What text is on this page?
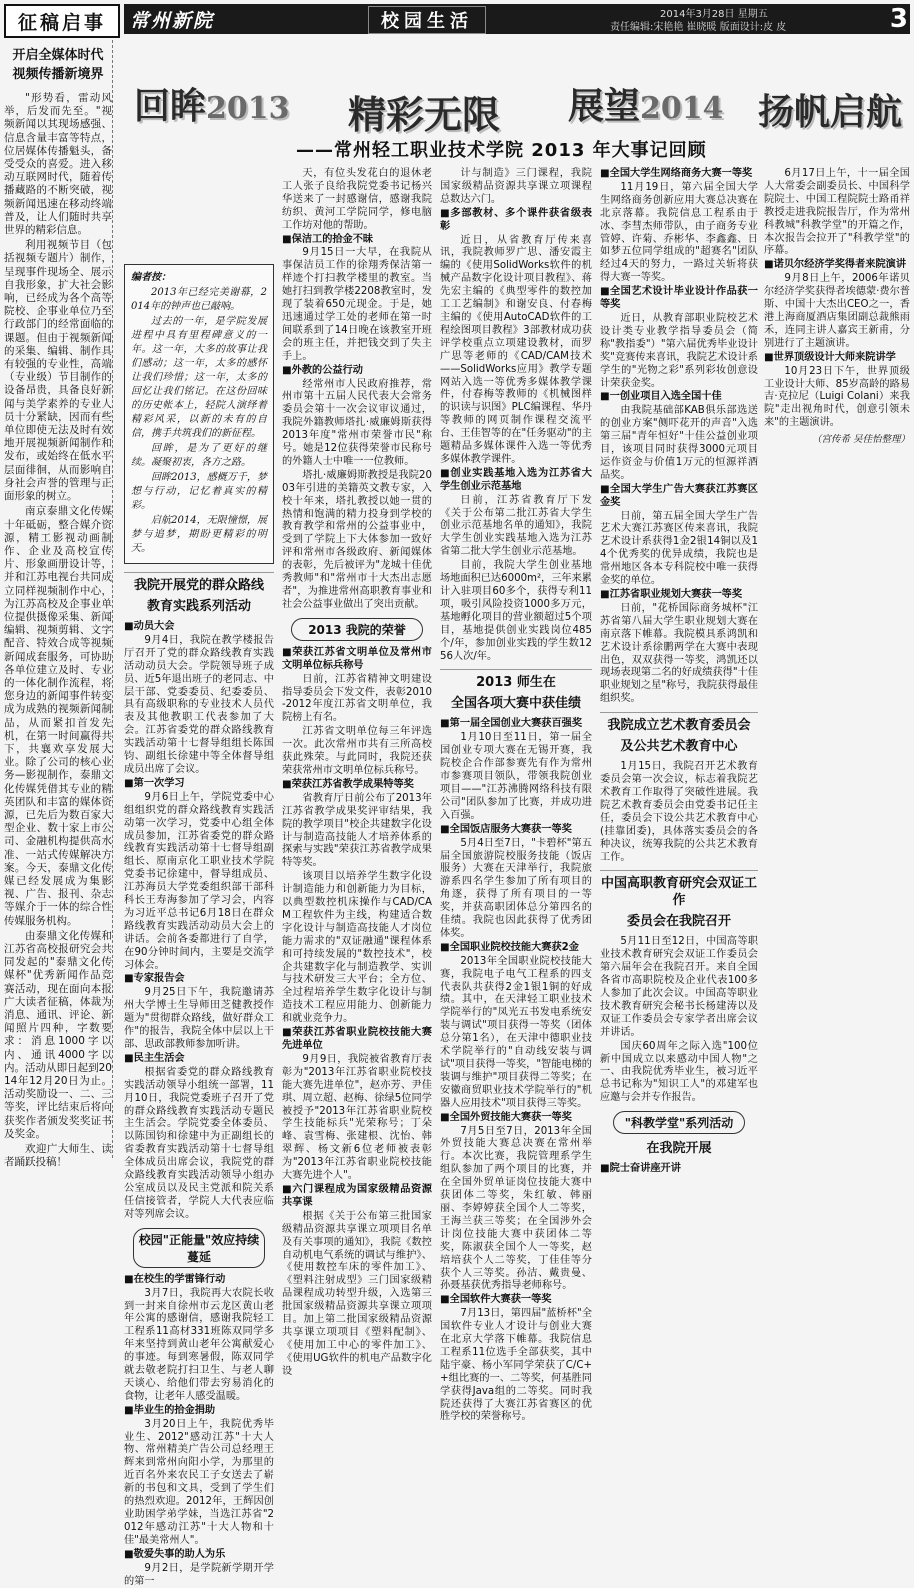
征稿启事	常州新院	校园生活	2014年3月28日 星期五
责任编辑:宋艳艳 崔晓暖 版面设计:皮 皮	3
开启全媒体时代
视频传播新境界

"形势看，雷动风举，后发而先至。"视频新闻以其现场感强、信息含量丰富等特点，位居媒体传播魁头，备受受众的喜爱。进入移动互联网时代，随着传播藏路的不断突破，视频新闻迅速在移动终端普及，让人们随时共享世界的精彩信息。

利用视频节目（包括视频专题片）制作，呈现事件现场全、展示自我形象，扩大社会影响，已经成为各个高等院校、企事业单位乃至行政部门的经常面临的课题。但由于视频新闻的采集、编辑、制作具有较强的专业性，高端（专业级）节目制作的设备昂贵，具备良好新闻与美学素养的专业人员十分紧缺，因而有些单位即使无法及时有效地开展视频新闻制作和发布，或始终在低水平层面徘徊，从而影响自身社会声誉的管理与正面形象的树立。

南京泰鼎文化传媒十年砥砺，整合媒介资源，精工影视动画制作、企业及高校宣传片、形象画册设计等，并和江苏电视台共同成立同样视频制作中心，为江苏高校及企事业单位提供摄像采集、新闻编辑、视频剪辑、文字配音、特效合成等视频新闻成套服务，可协助各单位建立及时、专业的一体化制作流程，将您身边的新闻事件转变成为成熟的视频新闻制品，从而紧扣首发先机，在第一时间赢得共下，共襄欢享发展大业。除了公司的核心业务—影视制作，泰鼎文化传媒凭借其专业的精英团队和丰富的媒体资源，已先后为数百家大型企业、数十家上市公司、金融机构提供高水准、一站式传媒解决方案。今天，泰鼎文化传媒已经发展成为集影视、广告、报刊、杂志等媒介于一体的综合性传媒服务机构。

由泰鼎文化传媒和江苏省高校报研究会共同发起的"泰鼎文化传媒杯"优秀新闻作品竞赛活动，现在面向本报广大读者征稿，体裁为消息、通讯、评论、新闻照片四种，字数要求：消息1000字以内、通讯4000字以内。活动从即日起到2014年12月20日为止。活动奖励设一、二、三等奖，评比结束后将向获奖作者颁发奖奖证书及奖金。

欢迎广大师生、读者踊跃投稿！

回眸2013 精彩无限 展望2014 扬帆启航
——常州轻工职业技术学院 2013 年大事记回顾

编者按：

2013年已经完美谢幕，2014年的钟声也已敲响。

过去的一年，是学院发展进程中具有里程碑意义的一年。这一年，大多的故事让我们感动；这一年，太多的感怀让我们珍惜；这一年，太多的回忆让我们铭记。在这份回味的历史帐本上，轻院人演绎着精彩风采，以新的未有的自信，携手共筑我们的新征程。

回眸，是为了更好的继续。凝聚初衷，各方之路。

回眸2013，感概万千，梦想与行动，记忆着真实的精彩。

启航2014，无限憧憬，展梦与追梦，期盼更精彩的明天。

我院开展党的群众路线
教育实践系列活动

■动员大会

9月4日，我院在教学楼报告厅召开了党的群众路线教育实践活动动员大会。学院领导班子成员、近5年退出班子的老同志、中层干部、党委委员、纪委委员、具有高级职称的专业技术人员代表及其他教职工代表参加了大会。江苏省委党的群众路线教育实践活动第十七督导组组长陈国钧、副组长徐建中等全体督导组成员出席了会议。

■第一次学习

9月6日上午，学院党委中心组组织党的群众路线教育实践活动第一次学习，党委中心组全体成员参加，江苏省委党的群众路线教育实践活动第十七督导组副组长、原南京化工职业技术学院党委书记徐建中，督导组成员、江苏海员大学党委组织部干部科科长王寿海参加了学习会，内容为习近平总书记6月18日在群众路线教育实践活动动员大会上的讲话。会前各委都进行了自学，在90分钟时间内，主要是交流学习体会。

■专家报告会

9月25日下午，我院邀请苏州大学博士生导师田芝健教授作题为"贯彻群众路线，做好群众工作"的报告，我院全体中层以上干部、思政部教师参加听讲。

■民主生活会

根据省委党的群众路线教育实践活动领导小组统一部署，11月10日，我院党委班子召开了党的群众路线教育实践活动专题民主生活会。学院党委全体委员、以陈国钧和徐建中为正副组长的省委教育实践活动第十七督导组全体成员出席会议，我院党的群众路线教育实践活动领导小组办公室成员以及民主党派和院关系任信接管者，学院人大代表应临对等列席会议。

校园"正能量"效应持续蔓延

■在校生的学雷锋行动

3月7日，我院再大农院长收到一封来自徐州市云龙区黄山老年公寓的感谢信，感谢我院轻工工程系11高材331班陈双同学多年来坚持到黄山老年公寓献爱心的事迹。每到寒暑假，陈双同学就去敬老院打扫卫生、与老人聊天谈心、给他们带去穷易消化的食物，让老年人感受温暖。

■毕业生的拾金捐助

3月20日上午，我院优秀毕业生、2012"感动江苏"十大人物、常州精美广告公司总经理王辉来到常州向阳小学，为那里的近百名外来农民工子女送去了崭新的书包和文具，受到了学生们的热烈欢迎。2012年，王辉因创业助困学弟学妹，当选江苏省"2012年感动江苏"十大人物和十佳"最美常州人"。

■敬爱失事的助人为乐

9月2日，是学院新学期开学的第一

天，有位头发花白的退休老工人张子良给我院党委书记杨兴华送来了一封感谢信，感谢我院纺织、黄河工学院同学，修电脑工作坊对他的帮助。

■保洁工的拾金不昧

9月15日一大早，在我院从事保洁员工作的徐翔秀保洁第一样迹个打扫教学楼里的教室。当她打扫到教学楼2208教室时，发现了装着650元现金。于是，她迅速通过学工处的老师在第一时间联系到了14日晚在该教室开班会的班主任，并把钱交到了失主手上。

■外教的公益行动

经常州市人民政府推荐，常州市第十五届人民代表大会常务委员会第十一次会议审议通过，我院外籍教师塔扎·威廉姆斯获得2013年度"常州市荣誉市民"称号。她是12位获得荣誉市民称号的外籍人士中唯一一位教师。

塔扎·威廉姆斯教授是我院2003年引进的美籍英文教专家，入校十年来，塔扎教授以她一贯的热情和饱满的精力投身到学校的教育教学和常州的公益事业中，受到了学院上下大体参加一致好评和常州市各级政府、新闻媒体的表彰，先后被评为"龙城十佳优秀教师"和"常州市十大杰出志愿者"，为推进常州高职教育事业和社会公益事业做出了突出贡献。

2013 我院的荣誉

■荣获江苏省文明单位及常州市文明单位标兵称号

日前，江苏省精神文明建设指导委员会下发文件，表彰2010-2012年度江苏省文明单位，我院榜上有名。

江苏省文明单位每三年评选一次。此次常州市共有三所高校获此殊荣。与此同时，我院还获荣获常州市文明单位标兵称号。

■荣获江苏省教学成果特等奖

省教育厅日前公布了2013年江苏省教学成果奖评审结果，我院的教学项目"校企共建数字化设计与制造高技能人才培养体系的探索与实践"荣获江苏省教学成果特等奖。

该项目以培养学生数字化设计制造能力和创新能力为目标，以典型数控机床操作与CAD/CAM工程软件为主线，构建适合数字化设计与制造高技能人才岗位能力需求的"双证融通"课程体系和可持续发展的"数控技术"，校企共建数字化与制造教学、实训与技术研发三大平台；全方位、全过程培养学生数字化设计与制造技术工程应用能力、创新能力和就业竞争力。

■荣获江苏省职业院校技能大赛先进单位

9月9日，我院被省教育厅表彰为"2013年江苏省职业院校技能大赛先进单位"，赵亦芳、尹佳琪、周立超、赵梅、徐绿5位同学被授予"2013年江苏省职业院校学生技能标兵"光荣称号；丁朵峰、袁雪梅、张建根、沈怡、韩翠辉、杨文新6位老师被表彰为"2013年江苏省职业院校技能大赛先进个人"。

■六门课程成为国家级精品资源共享课

根据《关于公布第三批国家级精品资源共享课立项项目名单及有关事项的通知》，我院《数控自动机电气系统的调试与维护》、《使用数控车床的零件加工》、《塑料注射成型》三门国家级精品课程成功转型升级，入选第三批国家级精品资源共享课立项项目。加上第二批国家级精品资源共享课立项项目《塑料配制》、《使用加工中心的零件加工》、《使用UG软件的机电产品数字化设

计与制造》三门课程，我院国家级精品资源共享课立项课程总数达六门。

■多部教材、多个课件获省级表彰

近日，从省教育厅传来喜讯，我院教师罗广思、潘安霞主编的《使用SolidWorks软件的机械产品数字化设计项目教程》、蒋先宏主编的《典型零件的数控加工工艺编制》和谢安良、付春梅主编的《使用AutoCAD软件的工程绘图项目教程》3部教材成功获评学校重点立项建设教材，而罗广思等老师的《CAD/CAM技术——SolidWorks应用》教学专题网站入选一等优秀多媒体教学课件，付春梅等教师的《机械图样的识读与识图》PLC编课程、华丹等教师的网页制作课程交流平台、王佳智等的在"任务驱动"的主题精品多媒体课件入选一等优秀多媒体教学课件。

■创业实践基地入选为江苏省大学生创业示范基地

日前，江苏省教育厅下发《关于公布第二批江苏省大学生创业示范基地名单的通知》，我院大学生创业实践基地入选为江苏省第二批大学生创业示范基地。

目前，我院大学生创业基地场地面积已达6000m²，三年来累计入驻项目60多个，获得专利11项，吸引风险投资1000多万元，基地孵化项目的营业额超过5个项目，基地提供创业实践岗位485个/年，参加创业实践的学生数1256人次/年。

2013 师生在
全国各项大赛中获佳绩

■第一届全国创业大赛获百强奖

1月10日至11日，第一届全国创业专项大赛在无锡开赛，我院校企合作部参赛先有作为常州市参赛项目领队，带领我院创业项目——"江苏沸腾网络科技有限公司"团队参加了比赛，并成功进入百强。

■全国饭店服务大赛获一等奖

5月4日至7日，"卡碧杯"第五届全国旅游院校服务技能（饭店服务）大赛在天津举行，我院旅游系四名学生参加了所有项目的角逐，获得了所有项目的一等奖，并获高职团体总分第四名的佳绩。我院也因此获得了优秀团体奖。

■全国职业院校技能大赛获2金

2013年全国职业院校技能大赛，我院电子电气工程系的四支代表队共获得2金1银1铜的好成绩。其中，在天津轻工职业技术学院举行的"凤光五书发电系统安装与调试"项目获得一等奖（团体总分第1名），在天津中德职业技术学院举行的"自动线安装与调试"项目获得一等奖，"智能电梯的装调与维护"项目获得二等奖；在安徽商贸职业技术学院举行的"机器人应用技术"项目获得三等奖。

■全国外贸技能大赛获一等奖

7月5日至7日，2013年全国外贸技能大赛总决赛在常州举行。本次比赛，我院管理系学生组队参加了两个项目的比赛，并在全国外贸单证岗位技能大赛中获团体二等奖，朱红敏、韩丽丽、李婷婷获全国个人二等奖，王海兰获三等奖；在全国涉外会计岗位技能大赛中获团体二等奖，陈淑获全国个人一等奖，赵培培获个人二等奖，丁佳佳等分获个人三等奖。孙洁、戴贵曼、孙聂基获优秀指导老师称号。

■全国软件大赛获一等奖

7月13日，第四届"蓝桥杯"全国软件专业人才设计与创业大赛在北京大学落下帷幕。我院信息工程系11位选手全部获奖，其中陆宇豪、杨小军同学荣获了C/C++组比赛的一、二等奖，何基胜同学获得Java组的二等奖。同时我院还获得了大赛江苏省赛区的优胜学校的荣誉称号。

■全国大学生网络商务大赛一等奖

11月19日，第六届全国大学生网络商务创新应用大赛总决赛在北京落幕。我院信息工程系由于冰、李彗杰师带队，由子商务专业管婷、许菊、乔彬华、李鑫鑫、日如梦五位同学组成的"超赛名"团队经过4天的努力，一路过关斩将获得大赛一等奖。

■全国艺术设计毕业设计作品获一等奖

近日，从教育部职业院校艺术设计类专业教学指导委员会（简称"教指委"）"第六届优秀毕业设计奖"竞赛传来喜讯，我院艺术设计系学生的"光物之彩"系列彩妆创意设计荣获金奖。

■一创业项目入选全国十佳

由我院基础部KAB俱乐部选送的创业方案"侧吓花开的声音"入选第三届"青年恒好"十佳公益创业项目，该项目同时获得3000元项目运作资金与价值1万元的恒源祥酒品奖。

■全国大学生广告大赛获江苏赛区金奖

日前，第五届全国大学生广告艺术大赛江苏赛区传来喜讯，我院艺术设计系获得1金2银14铜以及14个优秀奖的优异成绩，我院也是常州地区各本专科院校中唯一获得金奖的单位。

■江苏省职业规划大赛获一等奖

日前，"花桥国际商务城杯"江苏省第八届大学生职业规划大赛在南京落下帷幕。我院模具系鸿凯和艺术设计系徐鹏两学在大赛中表现出色，双双获得一等奖，鸿凯还以现场表现第二名的好成绩获得"十佳职业规划之星"称号，我院获得最佳组织奖。

我院成立艺术教育委员会
及公共艺术教育中心

1月15日，我院召开艺术教育委员会第一次会议，标志着我院艺术教育工作取得了突破性进展。我院艺术教育委员会由党委书记任主任，委员会下设公共艺术教育中心(挂靠团委)，具体落实委员会的各种决议，统筹我院的公共艺术教育工作。

中国高职教育研究会双证工作
委员会在我院召开

5月11日至12日，中国高等职业技术教育研究会双证工作委员会第六届年会在我院召开。来自全国各省市高职院校及企业代表100多人参加了此次会议。中国高等职业技术教育研究会秘书长杨建涛以及双证工作委员会专家学者出席会议并讲话。

国庆60周年之际入选"100位新中国成立以来感动中国人物"之一、由我院优秀毕业生，被习近平总书记称为"知识工人"的邓建军也应邀与会并专作报告。

"科教学堂"系列活动
在我院开展

■院士奋讲座开讲

6月17日上午，十一届全国人大常委会副委员长、中国科学院院士、中国工程院院士路甬祥教授走进我院报告厅，作为常州科教城"科教学堂"的开篇之作，本次报告会拉开了"科教学堂"的序幕。

■诺贝尔经济学奖得者来院演讲

9月8日上午，2006年诺贝尔经济学奖获得者埃德蒙·费尔普斯、中国十大杰出CEO之一，香港上海商厦酒店集团副总裁熊雨禾，连同主讲人嘉宾王新甫，分别进行了主题演讲。

■世界顶级设计大师来院讲学

10月23日下午，世界顶级工业设计大师、85岁高龄的路易吉·克拉尼（Luigi Colani）来我院"走出视角时代，创意引领未来"的主题演讲。

（宫传希 吴佳怡整理）
